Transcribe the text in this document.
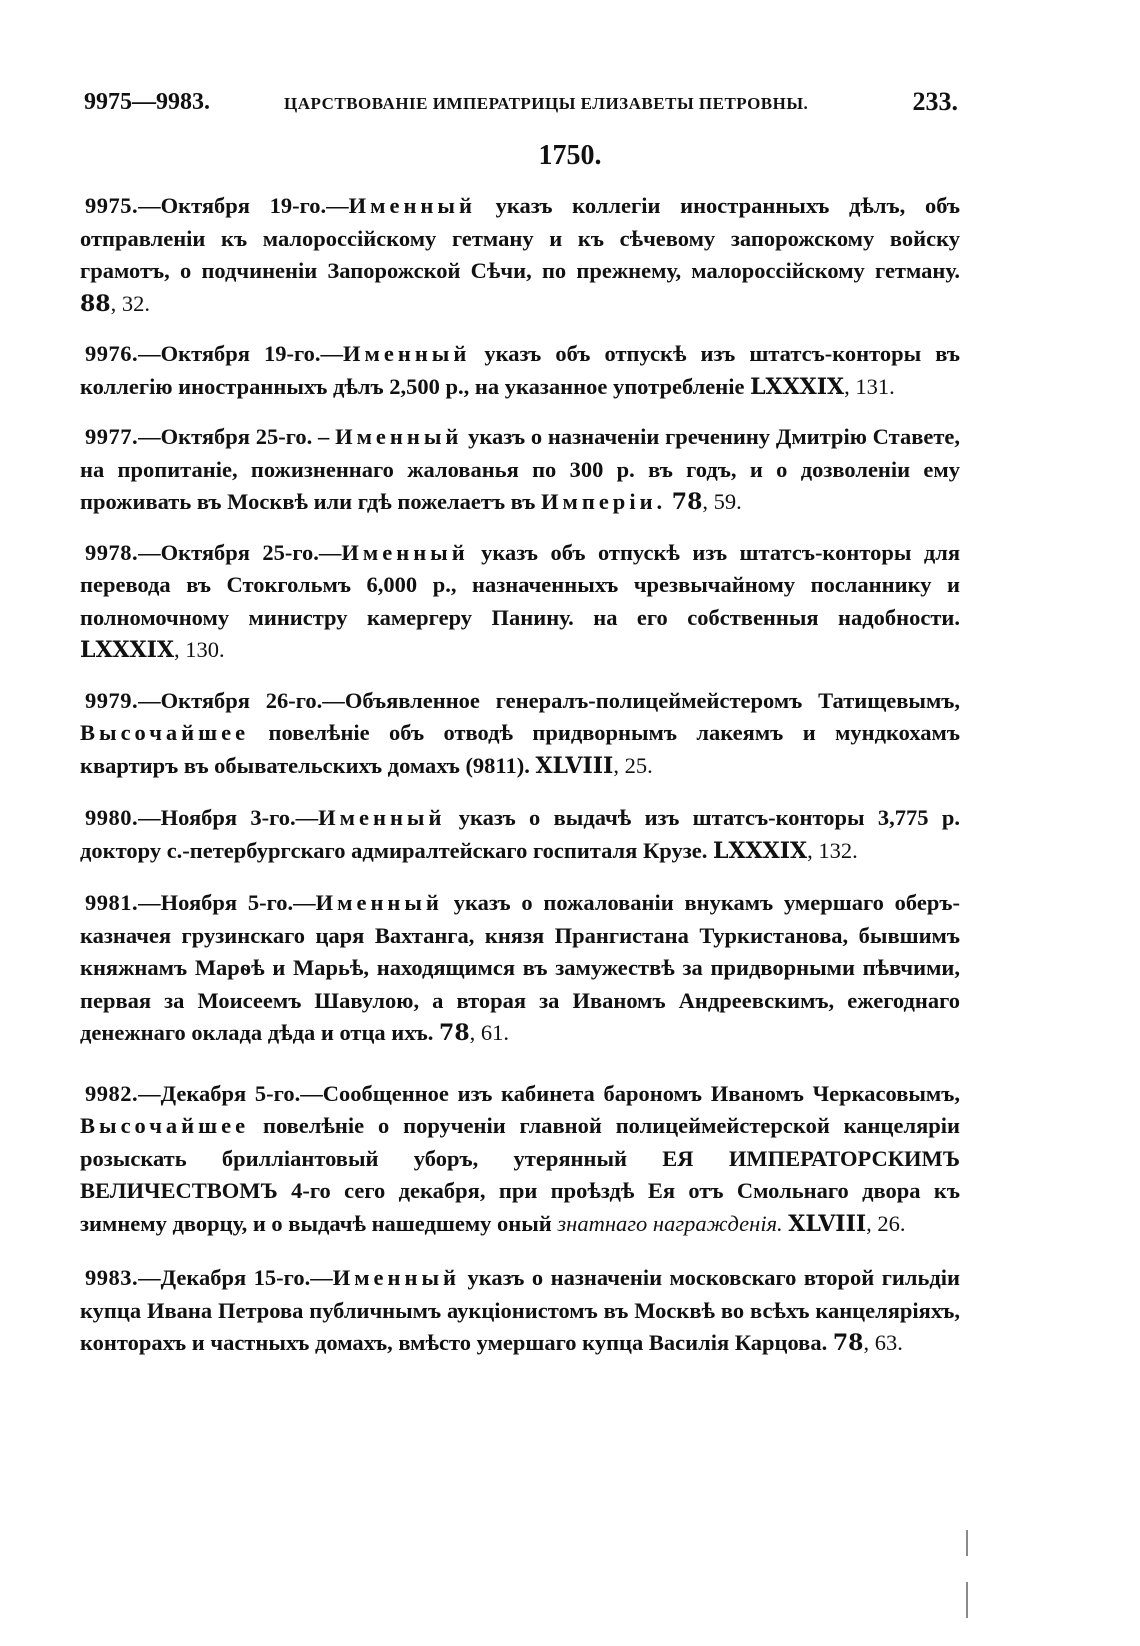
9975—9983.	ЦАРСТВОВАНІЕ ИМПЕРАТРИЦЫ ЕЛИЗАВЕТЫ ПЕТРОВНЫ.	233.
1750.

9975.—Октября 19-го.—Именный указъ коллегіи иностранныхъ дѣлъ, объ отправленіи къ малороссійскому гетману и къ сѣчевому запорожскому войску грамотъ, о подчиненіи Запорожской Сѣчи, по прежнему, малороссійскому гетману. 88, 32.

9976.—Октября 19-го.—Именный указъ объ отпускѣ изъ штатсъ-конторы въ коллегію иностранныхъ дѣлъ 2,500 р., на указанное употребленіе LXXXIX, 131.

9977.—Октября 25-го. – Именный указъ о назначеніи греченину Дмитрію Ставете, на пропитаніе, пожизненнаго жалованья по 300 р. въ годъ, и о дозволеніи ему проживать въ Москвѣ или гдѣ пожелаетъ въ Имперіи. 78, 59.

9978.—Октября 25-го.—Именный указъ объ отпускѣ изъ штатсъ-конторы для перевода въ Стокгольмъ 6,000 р., назначенныхъ чрезвычайному посланнику и полномочному министру камергеру Панину. на его собственныя надобности. LXXXIX, 130.

9979.—Октября 26-го.—Объявленное генералъ-полицеймейстеромъ Татищевымъ, Высочайшее повелѣніе объ отводѣ придворнымъ лакеямъ и мундкохамъ квартиръ въ обывательскихъ домахъ (9811). XLVIII, 25.

9980.—Ноября 3-го.—Именный указъ о выдачѣ изъ штатсъ-конторы 3,775 р. доктору с.-петербургскаго адмиралтейскаго госпиталя Крузе. LXXXIX, 132.

9981.—Ноября 5-го.—Именный указъ о пожалованіи внукамъ умершаго оберъ-казначея грузинскаго царя Вахтанга, князя Прангистана Туркистанова, бывшимъ княжнамъ Марѳѣ и Марьѣ, находящимся въ замужествѣ за придворными пѣвчими, первая за Моисеемъ Шавулою, а вторая за Иваномъ Андреевскимъ, ежегоднаго денежнаго оклада дѣда и отца ихъ. 78, 61.

9982.—Декабря 5-го.—Сообщенное изъ кабинета барономъ Иваномъ Черкасовымъ, Высочайшее повелѣніе о порученіи главной полицеймейстерской канцеляріи розыскать брилліантовый уборъ, утерянный ЕЯ ИМПЕРАТОРСКИМЪ ВЕЛИЧЕСТВОМЪ 4-го сего декабря, при проѣздѣ Ея отъ Смольнаго двора къ зимнему дворцу, и о выдачѣ нашедшему оный знатнаго награжденія. XLVIII, 26.

9983.—Декабря 15-го.—Именный указъ о назначеніи московскаго второй гильдіи купца Ивана Петрова публичнымъ аукціонистомъ въ Москвѣ во всѣхъ канцеляріяхъ, конторахъ и частныхъ домахъ, вмѣсто умершаго купца Василія Карцова. 78, 63.
